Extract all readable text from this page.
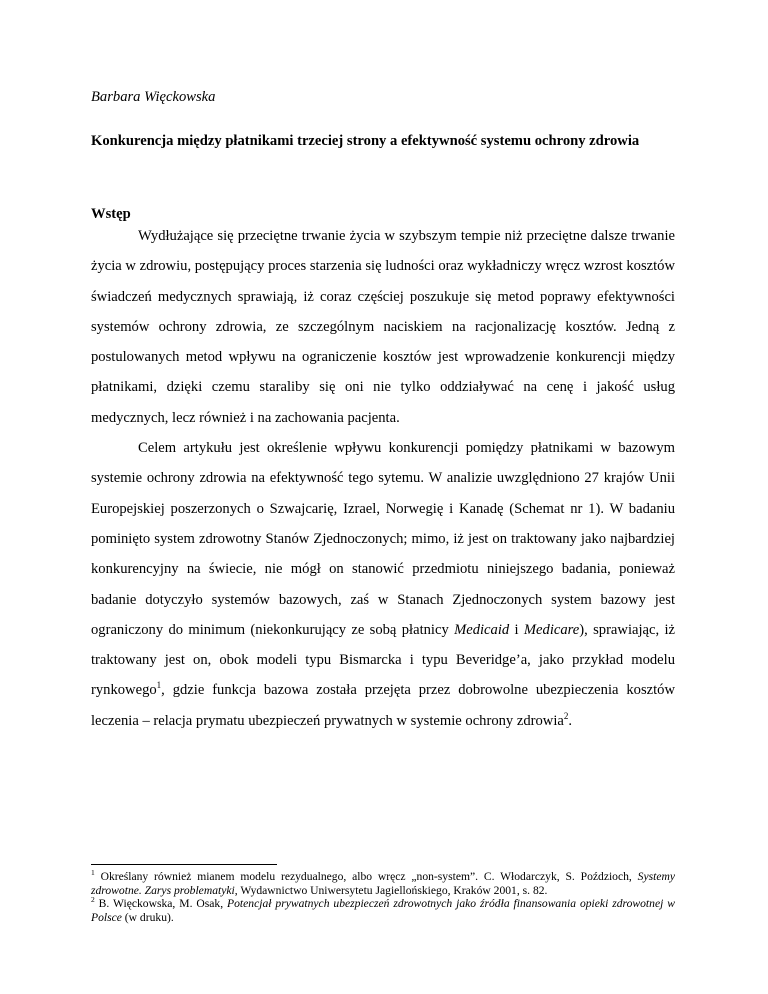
Barbara Więckowska

Konkurencja między płatnikami trzeciej strony a efektywność systemu ochrony zdrowia

Wstęp

Wydłużające się przeciętne trwanie życia w szybszym tempie niż przeciętne dalsze trwanie życia w zdrowiu, postępujący proces starzenia się ludności oraz wykładniczy wręcz wzrost kosztów świadczeń medycznych sprawiają, iż coraz częściej poszukuje się metod poprawy efektywności systemów ochrony zdrowia, ze szczególnym naciskiem na racjonalizację kosztów. Jedną z postulowanych metod wpływu na ograniczenie kosztów jest wprowadzenie konkurencji między płatnikami, dzięki czemu staraliby się oni nie tylko oddziaływać na cenę i jakość usług medycznych, lecz również i na zachowania pacjenta.

Celem artykułu jest określenie wpływu konkurencji pomiędzy płatnikami w bazowym systemie ochrony zdrowia na efektywność tego sytemu. W analizie uwzględniono 27 krajów Unii Europejskiej poszerzonych o Szwajcarię, Izrael, Norwegię i Kanadę (Schemat nr 1). W badaniu pominięto system zdrowotny Stanów Zjednoczonych; mimo, iż jest on traktowany jako najbardziej konkurencyjny na świecie, nie mógł on stanowić przedmiotu niniejszego badania, ponieważ badanie dotyczyło systemów bazowych, zaś w Stanach Zjednoczonych system bazowy jest ograniczony do minimum (niekonkurujący ze sobą płatnicy Medicaid i Medicare), sprawiając, iż traktowany jest on, obok modeli typu Bismarcka i typu Beveridge’a, jako przykład modelu rynkowego$^1$, gdzie funkcja bazowa została przejęta przez dobrowolne ubezpieczenia kosztów leczenia – relacja prymatu ubezpieczeń prywatnych w systemie ochrony zdrowia$^2$.

$^1$ Określany również mianem modelu rezydualnego, albo wręcz „non-system”. C. Włodarczyk, S. Poździoch, Systemy zdrowotne. Zarys problematyki, Wydawnictwo Uniwersytetu Jagiellońskiego, Kraków 2001, s. 82.

$^2$ B. Więckowska, M. Osak, Potencjał prywatnych ubezpieczeń zdrowotnych jako źródła finansowania opieki zdrowotnej w Polsce (w druku).
